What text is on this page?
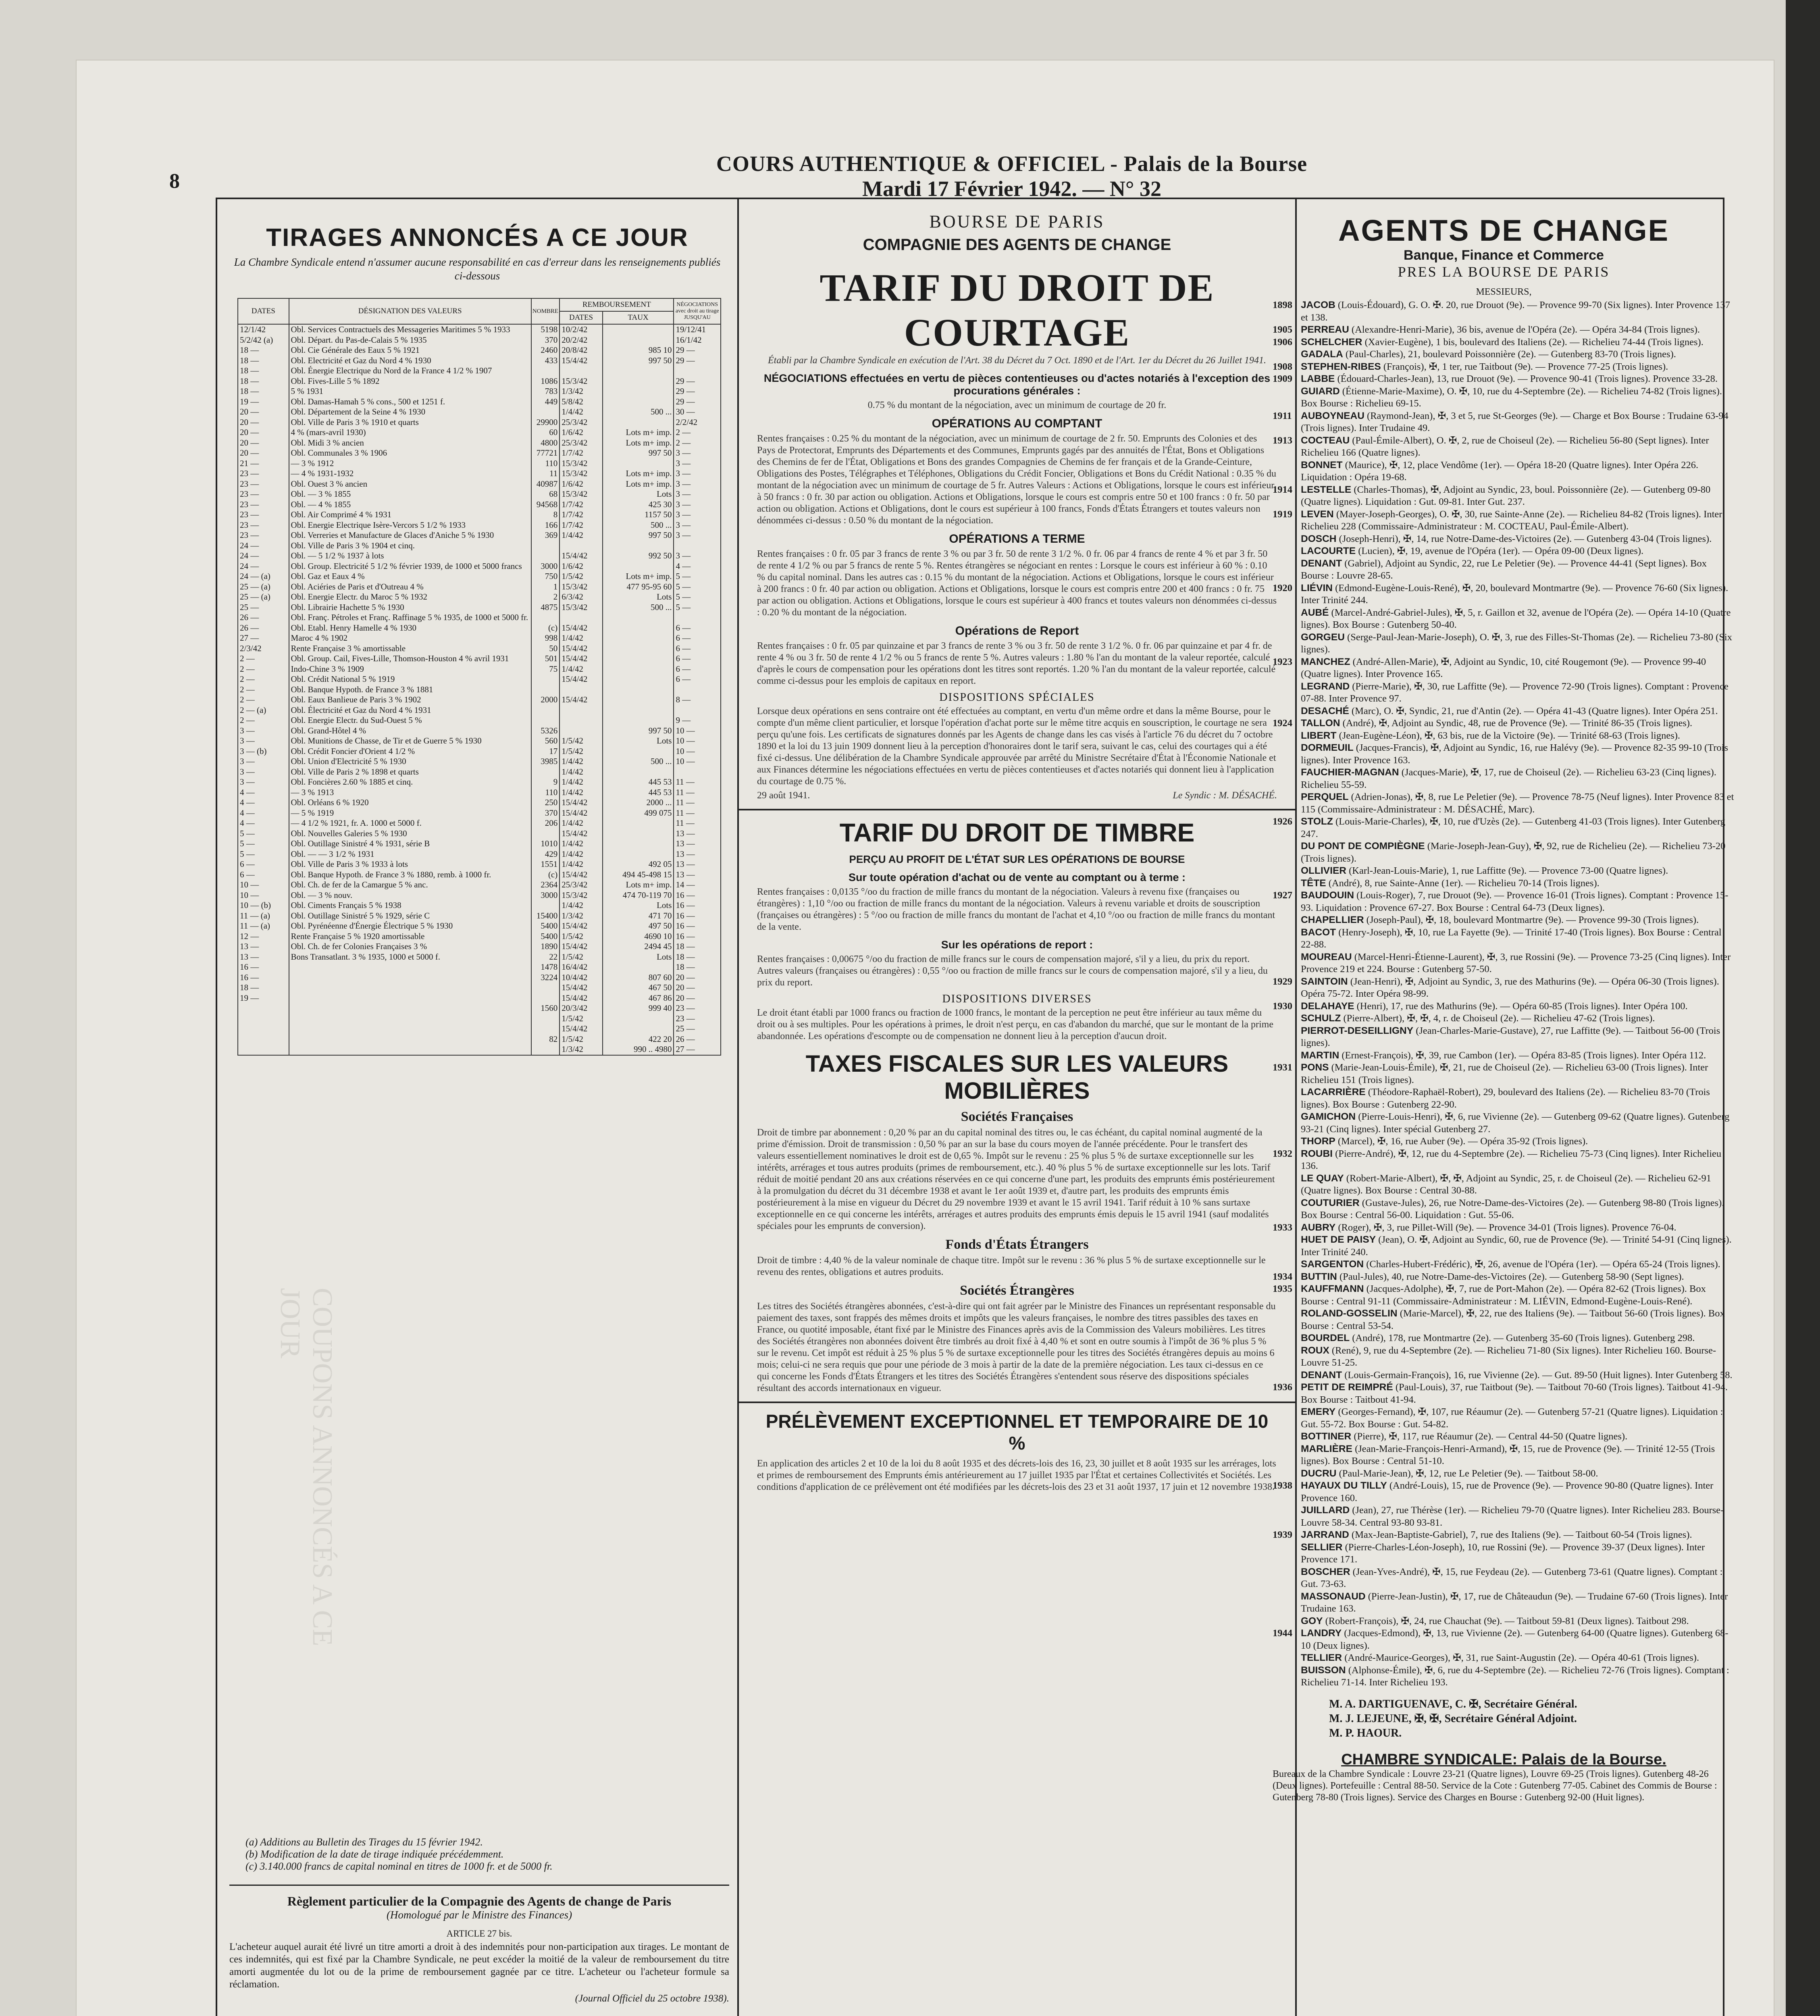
8
COURS AUTHENTIQUE & OFFICIEL - Palais de la Bourse
Mardi 17 Février 1942. — N° 32
TIRAGES ANNONCÉS A CE JOUR
La Chambre Syndicale entend n'assumer aucune responsabilité en cas d'erreur dans les renseignements publiés ci-dessous
DATES	DÉSIGNATION DES VALEURS	NOMBRE	REMBOURSEMENT		NÉGOCIATIONS avec droit au tirage JUSQU'AU
			DATES	TAUX	
12/1/42	Obl. Services Contractuels des Messageries Maritimes 5 % 1933	5198	10/2/42		19/12/41
5/2/42 (a)	Obl. Départ. du Pas-de-Calais 5 % 1935	370	20/2/42		16/1/42
18 —	Obl. Cie Générale des Eaux 5 % 1921	2460	20/8/42	985 10	29 —
18 —	Obl. Electricité et Gaz du Nord 4 % 1930	433	15/4/42	997 50	29 —
18 —	Obl. Énergie Electrique du Nord de la France 4 1/2 % 1907				
18 —	Obl. Fives-Lille 5 % 1892	1086	15/3/42		29 —
18 —	5 % 1931	783	1/3/42		29 —
19 —	Obl. Damas-Hamah 5 % cons., 500 et 1251 f.	449	5/8/42		29 —
20 —	Obl. Département de la Seine 4 % 1930		1/4/42	500 ...	30 —
20 —	Obl. Ville de Paris 3 % 1910 et quarts	29900	25/3/42		2/2/42
20 —	4 % (mars-avril 1930)	60	1/6/42	Lots m+ imp.	2 —
20 —	Obl. Midi 3 % ancien	4800	25/3/42	Lots m+ imp.	2 —
20 —	Obl. Communales 3 % 1906	77721	1/7/42	997 50	3 —
21 —	— 3 % 1912	110	15/3/42		3 —
23 —	— 4 % 1931-1932	11	15/3/42	Lots m+ imp.	3 —
23 —	Obl. Ouest 3 % ancien	40987	1/6/42	Lots m+ imp.	3 —
23 —	Obl. — 3 % 1855	68	15/3/42	Lots	3 —
23 —	Obl. — 4 % 1855	94568	1/7/42	425 30	3 —
23 —	Obl. Air Comprimé 4 % 1931	8	1/7/42	1157 50	3 —
23 —	Obl. Energie Electrique Isère-Vercors 5 1/2 % 1933	166	1/7/42	500 ...	3 —
23 —	Obl. Verreries et Manufacture de Glaces d'Aniche 5 % 1930	369	1/4/42	997 50	3 —
24 —	Obl. Ville de Paris 3 % 1904 et cinq.				
24 —	Obl. — 5 1/2 % 1937 à lots		15/4/42	992 50	3 —
24 —	Obl. Group. Electricité 5 1/2 % février 1939, de 1000 et 5000 francs	3000	1/6/42		4 —
24 — (a)	Obl. Gaz et Eaux 4 %	750	1/5/42	Lots m+ imp.	5 —
25 — (a)	Obl. Aciéries de Paris et d'Outreau 4 %	1	15/3/42	477 95-95 60	5 —
25 — (a)	Obl. Energie Electr. du Maroc 5 % 1932	2	6/3/42	Lots	5 —
25 —	Obl. Librairie Hachette 5 % 1930	4875	15/3/42	500 ...	5 —
26 —	Obl. Franç. Pétroles et Franç. Raffinage 5 % 1935, de 1000 et 5000 fr.				
26 —	Obl. Etabl. Henry Hamelle 4 % 1930	(c)	15/4/42		6 —
27 —	Maroc 4 % 1902	998	1/4/42		6 —
2/3/42	Rente Française 3 % amortissable	50	15/4/42		6 —
2 —	Obl. Group. Cail, Fives-Lille, Thomson-Houston 4 % avril 1931	501	15/4/42		6 —
2 —	Indo-Chine 3 % 1909	75	1/4/42		6 —
2 —	Obl. Crédit National 5 % 1919		15/4/42		6 —
2 —	Obl. Banque Hypoth. de France 3 % 1881				
2 —	Obl. Eaux Banlieue de Paris 3 % 1902	2000	15/4/42		8 —
2 — (a)	Obl. Électricité et Gaz du Nord 4 % 1931				
2 —	Obl. Energie Electr. du Sud-Ouest 5 %				9 —
3 —	Obl. Grand-Hôtel 4 %	5326		997 50	10 —
3 —	Obl. Munitions de Chasse, de Tir et de Guerre 5 % 1930	560	1/5/42	Lots	10 —
3 — (b)	Obl. Crédit Foncier d'Orient 4 1/2 %	17	1/5/42		10 —
3 —	Obl. Union d'Electricité 5 % 1930	3985	1/4/42	500 ...	10 —
3 —	Obl. Ville de Paris 2 % 1898 et quarts		1/4/42		
3 —	Obl. Foncières 2.60 % 1885 et cinq.	9	1/4/42	445 53	11 —
4 —	— 3 % 1913	110	1/4/42	445 53	11 —
4 —	Obl. Orléans 6 % 1920	250	15/4/42	2000 ...	11 —
4 —	— 5 % 1919	370	15/4/42	499 075	11 —
4 —	— 4 1/2 % 1921, fr. A. 1000 et 5000 f.	206	1/4/42		11 —
5 —	Obl. Nouvelles Galeries 5 % 1930		15/4/42		13 —
5 —	Obl. Outillage Sinistré 4 % 1931, série B	1010	1/4/42		13 —
5 —	Obl. — — 3 1/2 % 1931	429	1/4/42		13 —
6 —	Obl. Ville de Paris 3 % 1933 à lots	1551	1/4/42	492 05	13 —
6 —	Obl. Banque Hypoth. de France 3 % 1880, remb. à 1000 fr.	(c)	15/4/42	494 45-498 15	13 —
10 —	Obl. Ch. de fer de la Camargue 5 % anc.	2364	25/3/42	Lots m+ imp.	14 —
10 —	Obl. — 3 % nouv.	3000	15/3/42	474 70-119 70	16 —
10 — (b)	Obl. Ciments Français 5 % 1938		1/4/42	Lots	16 —
11 — (a)	Obl. Outillage Sinistré 5 % 1929, série C	15400	1/3/42	471 70	16 —
11 — (a)	Obl. Pyrénéenne d'Énergie Électrique 5 % 1930	5400	15/4/42	497 50	16 —
12 —	Rente Française 5 % 1920 amortissable	5400	1/5/42	4690 10	16 —
13 —	Obl. Ch. de fer Colonies Françaises 3 %	1890	15/4/42	2494 45	18 —
13 —	Bons Transatlant. 3 % 1935, 1000 et 5000 f.	22	1/5/42	Lots	18 —
16 —		1478	16/4/42		18 —
16 —		3224	10/4/42	807 60	20 —
18 —			15/4/42	467 50	20 —
19 —			15/4/42	467 86	20 —
		1560	20/3/42	999 40	23 —
			1/5/42		23 —
			15/4/42		25 —
		82	1/5/42	422 20	26 —
			1/3/42	990 .. 4980	27 —
COUPONS ANNONCÉS A CE JOUR
(a) Additions au Bulletin des Tirages du 15 février 1942.
(b) Modification de la date de tirage indiquée précédemment.
(c) 3.140.000 francs de capital nominal en titres de 1000 fr. et de 5000 fr.
Règlement particulier de la Compagnie des Agents de change de Paris
(Homologué par le Ministre des Finances)
ARTICLE 27 bis.
L'acheteur auquel aurait été livré un titre amorti a droit à des indemnités pour non-participation aux tirages. Le montant de ces indemnités, qui est fixé par la Chambre Syndicale, ne peut excéder la moitié de la valeur de remboursement du titre amorti augmentée du lot ou de la prime de remboursement gagnée par ce titre. L'acheteur ou l'acheteur formule sa réclamation.
(Journal Officiel du 25 octobre 1938).
BOURSE DE PARIS
COMPAGNIE DES AGENTS DE CHANGE
TARIF DU DROIT DE COURTAGE
Établi par la Chambre Syndicale en exécution de l'Art. 38 du Décret du 7 Oct. 1890 et de l'Art. 1er du Décret du 26 Juillet 1941.
NÉGOCIATIONS effectuées en vertu de pièces contentieuses ou d'actes notariés à l'exception des procurations générales :
0.75 % du montant de la négociation, avec un minimum de courtage de 20 fr.
OPÉRATIONS AU COMPTANT
Rentes françaises : 0.25 % du montant de la négociation, avec un minimum de courtage de 2 fr. 50. Emprunts des Colonies et des Pays de Protectorat, Emprunts des Départements et des Communes, Emprunts gagés par des annuités de l'État, Bons et Obligations des Chemins de fer de l'État, Obligations et Bons des grandes Compagnies de Chemins de fer français et de la Grande-Ceinture, Obligations des Postes, Télégraphes et Téléphones, Obligations du Crédit Foncier, Obligations et Bons du Crédit National : 0.35 % du montant de la négociation avec un minimum de courtage de 5 fr. Autres Valeurs : Actions et Obligations, lorsque le cours est inférieur à 50 francs : 0 fr. 30 par action ou obligation. Actions et Obligations, lorsque le cours est compris entre 50 et 100 francs : 0 fr. 50 par action ou obligation. Actions et Obligations, dont le cours est supérieur à 100 francs, Fonds d'États Étrangers et toutes valeurs non dénommées ci-dessus : 0.50 % du montant de la négociation.
OPÉRATIONS A TERME
Rentes françaises : 0 fr. 05 par 3 francs de rente 3 % ou par 3 fr. 50 de rente 3 1/2 %. 0 fr. 06 par 4 francs de rente 4 % et par 3 fr. 50 de rente 4 1/2 % ou par 5 francs de rente 5 %. Rentes étrangères se négociant en rentes : Lorsque le cours est inférieur à 60 % : 0.10 % du capital nominal. Dans les autres cas : 0.15 % du montant de la négociation. Actions et Obligations, lorsque le cours est inférieur à 200 francs : 0 fr. 40 par action ou obligation. Actions et Obligations, lorsque le cours est compris entre 200 et 400 francs : 0 fr. 75 par action ou obligation. Actions et Obligations, lorsque le cours est supérieur à 400 francs et toutes valeurs non dénommées ci-dessus : 0.20 % du montant de la négociation.
Opérations de Report
Rentes françaises : 0 fr. 05 par quinzaine et par 3 francs de rente 3 % ou 3 fr. 50 de rente 3 1/2 %. 0 fr. 06 par quinzaine et par 4 fr. de rente 4 % ou 3 fr. 50 de rente 4 1/2 % ou 5 francs de rente 5 %. Autres valeurs : 1.80 % l'an du montant de la valeur reportée, calculé d'après le cours de compensation pour les opérations dont les titres sont reportés. 1.20 % l'an du montant de la valeur reportée, calculé comme ci-dessus pour les emplois de capitaux en report.
DISPOSITIONS SPÉCIALES
Lorsque deux opérations en sens contraire ont été effectuées au comptant, en vertu d'un même ordre et dans la même Bourse, pour le compte d'un même client particulier, et lorsque l'opération d'achat porte sur le même titre acquis en souscription, le courtage ne sera perçu qu'une fois. Les certificats de signatures donnés par les Agents de change dans les cas visés à l'article 76 du décret du 7 octobre 1890 et la loi du 13 juin 1909 donnent lieu à la perception d'honoraires dont le tarif sera, suivant le cas, celui des courtages qui a été fixé ci-dessus. Une délibération de la Chambre Syndicale approuvée par arrêté du Ministre Secrétaire d'État à l'Économie Nationale et aux Finances détermine les négociations effectuées en vertu de pièces contentieuses et d'actes notariés qui donnent lieu à l'application du courtage de 0.75 %.
29 août 1941.	Le Syndic : M. DÉSACHÉ.
TARIF DU DROIT DE TIMBRE
PERÇU AU PROFIT DE L'ÉTAT SUR LES OPÉRATIONS DE BOURSE
Sur toute opération d'achat ou de vente au comptant ou à terme :
Rentes françaises : 0,0135 °/oo du fraction de mille francs du montant de la négociation. Valeurs à revenu fixe (françaises ou étrangères) : 1,10 °/oo ou fraction de mille francs du montant de la négociation. Valeurs à revenu variable et droits de souscription (françaises ou étrangères) : 5 °/oo ou fraction de mille francs du montant de l'achat et 4,10 °/oo ou fraction de mille francs du montant de la vente.
Sur les opérations de report :
Rentes françaises : 0,00675 °/oo du fraction de mille francs sur le cours de compensation majoré, s'il y a lieu, du prix du report. Autres valeurs (françaises ou étrangères) : 0,55 °/oo ou fraction de mille francs sur le cours de compensation majoré, s'il y a lieu, du prix du report.
DISPOSITIONS DIVERSES
Le droit étant établi par 1000 francs ou fraction de 1000 francs, le montant de la perception ne peut être inférieur au taux même du droit ou à ses multiples. Pour les opérations à primes, le droit n'est perçu, en cas d'abandon du marché, que sur le montant de la prime abandonnée. Les opérations d'escompte ou de compensation ne donnent lieu à la perception d'aucun droit.
TAXES FISCALES SUR LES VALEURS MOBILIÈRES
Sociétés Françaises
Droit de timbre par abonnement : 0,20 % par an du capital nominal des titres ou, le cas échéant, du capital nominal augmenté de la prime d'émission. Droit de transmission : 0,50 % par an sur la base du cours moyen de l'année précédente. Pour le transfert des valeurs essentiellement nominatives le droit est de 0,65 %. Impôt sur le revenu : 25 % plus 5 % de surtaxe exceptionnelle sur les intérêts, arrérages et tous autres produits (primes de remboursement, etc.). 40 % plus 5 % de surtaxe exceptionnelle sur les lots. Tarif réduit de moitié pendant 20 ans aux créations réservées en ce qui concerne d'une part, les produits des emprunts émis postérieurement à la promulgation du décret du 31 décembre 1938 et avant le 1er août 1939 et, d'autre part, les produits des emprunts émis postérieurement à la mise en vigueur du Décret du 29 novembre 1939 et avant le 15 avril 1941. Tarif réduit à 10 % sans surtaxe exceptionnelle en ce qui concerne les intérêts, arrérages et autres produits des emprunts émis depuis le 15 avril 1941 (sauf modalités spéciales pour les emprunts de conversion).
Fonds d'États Étrangers
Droit de timbre : 4,40 % de la valeur nominale de chaque titre. Impôt sur le revenu : 36 % plus 5 % de surtaxe exceptionnelle sur le revenu des rentes, obligations et autres produits.
Sociétés Étrangères
Les titres des Sociétés étrangères abonnées, c'est-à-dire qui ont fait agréer par le Ministre des Finances un représentant responsable du paiement des taxes, sont frappés des mêmes droits et impôts que les valeurs françaises, le nombre des titres passibles des taxes en France, ou quotité imposable, étant fixé par le Ministre des Finances après avis de la Commission des Valeurs mobilières. Les titres des Sociétés étrangères non abonnées doivent être timbrés au droit fixé à 4,40 % et sont en outre soumis à l'impôt de 36 % plus 5 % sur le revenu. Cet impôt est réduit à 25 % plus 5 % de surtaxe exceptionnelle pour les titres des Sociétés étrangères depuis au moins 6 mois; celui-ci ne sera requis que pour une période de 3 mois à partir de la date de la première négociation. Les taux ci-dessus en ce qui concerne les Fonds d'États Étrangers et les titres des Sociétés Étrangères s'entendent sous réserve des dispositions spéciales résultant des accords internationaux en vigueur.
PRÉLÈVEMENT EXCEPTIONNEL ET TEMPORAIRE DE 10 %
En application des articles 2 et 10 de la loi du 8 août 1935 et des décrets-lois des 16, 23, 30 juillet et 8 août 1935 sur les arrérages, lots et primes de remboursement des Emprunts émis antérieurement au 17 juillet 1935 par l'État et certaines Collectivités et Sociétés. Les conditions d'application de ce prélèvement ont été modifiées par les décrets-lois des 23 et 31 août 1937, 17 juin et 12 novembre 1938.
AGENTS DE CHANGE
Banque, Finance et Commerce
PRES LA BOURSE DE PARIS
MESSIEURS,
1898 JACOB (Louis-Édouard), G. O. ✠. 20, rue Drouot (9e). — Provence 99-70 (Six lignes). Inter Provence 137 et 138.
1905 PERREAU (Alexandre-Henri-Marie), 36 bis, avenue de l'Opéra (2e). — Opéra 34-84 (Trois lignes).
1906 SCHELCHER (Xavier-Eugène), 1 bis, boulevard des Italiens (2e). — Richelieu 74-44 (Trois lignes).
GADALA (Paul-Charles), 21, boulevard Poissonnière (2e). — Gutenberg 83-70 (Trois lignes).
1908 STEPHEN-RIBES (François), ✠, 1 ter, rue Taitbout (9e). — Provence 77-25 (Trois lignes).
1909 LABBE (Édouard-Charles-Jean), 13, rue Drouot (9e). — Provence 90-41 (Trois lignes). Provence 33-28.
GUIARD (Étienne-Marie-Maxime), O. ✠, 10, rue du 4-Septembre (2e). — Richelieu 74-82 (Trois lignes). Box Bourse : Richelieu 69-15.
1911 AUBOYNEAU (Raymond-Jean), ✠, 3 et 5, rue St-Georges (9e). — Charge et Box Bourse : Trudaine 63-94 (Trois lignes). Inter Trudaine 49.
1913 COCTEAU (Paul-Émile-Albert), O. ✠, 2, rue de Choiseul (2e). — Richelieu 56-80 (Sept lignes). Inter Richelieu 166 (Quatre lignes).
BONNET (Maurice), ✠, 12, place Vendôme (1er). — Opéra 18-20 (Quatre lignes). Inter Opéra 226. Liquidation : Opéra 19-68.
1914 LESTELLE (Charles-Thomas), ✠, Adjoint au Syndic, 23, boul. Poissonnière (2e). — Gutenberg 09-80 (Quatre lignes). Liquidation : Gut. 09-81. Inter Gut. 237.
1919 LEVEN (Mayer-Joseph-Georges), O. ✠, 30, rue Sainte-Anne (2e). — Richelieu 84-82 (Trois lignes). Inter Richelieu 228 (Commissaire-Administrateur : M. COCTEAU, Paul-Émile-Albert).
DOSCH (Joseph-Henri), ✠, 14, rue Notre-Dame-des-Victoires (2e). — Gutenberg 43-04 (Trois lignes).
LACOURTE (Lucien), ✠, 19, avenue de l'Opéra (1er). — Opéra 09-00 (Deux lignes).
DENANT (Gabriel), Adjoint au Syndic, 22, rue Le Peletier (9e). — Provence 44-41 (Sept lignes). Box Bourse : Louvre 28-65.
1920 LIÉVIN (Edmond-Eugène-Louis-René), ✠, 20, boulevard Montmartre (9e). — Provence 76-60 (Six lignes). Inter Trinité 244.
AUBÉ (Marcel-André-Gabriel-Jules), ✠, 5, r. Gaillon et 32, avenue de l'Opéra (2e). — Opéra 14-10 (Quatre lignes). Box Bourse : Gutenberg 50-40.
GORGEU (Serge-Paul-Jean-Marie-Joseph), O. ✠, 3, rue des Filles-St-Thomas (2e). — Richelieu 73-80 (Six lignes).
1923 MANCHEZ (André-Allen-Marie), ✠, Adjoint au Syndic, 10, cité Rougemont (9e). — Provence 99-40 (Quatre lignes). Inter Provence 165.
LEGRAND (Pierre-Marie), ✠, 30, rue Laffitte (9e). — Provence 72-90 (Trois lignes). Comptant : Provence 07-88. Inter Provence 97.
DESACHÉ (Marc), O. ✠, Syndic, 21, rue d'Antin (2e). — Opéra 41-43 (Quatre lignes). Inter Opéra 251.
1924 TALLON (André), ✠, Adjoint au Syndic, 48, rue de Provence (9e). — Trinité 86-35 (Trois lignes).
LIBERT (Jean-Eugène-Léon), ✠, 63 bis, rue de la Victoire (9e). — Trinité 68-63 (Trois lignes).
DORMEUIL (Jacques-Francis), ✠, Adjoint au Syndic, 16, rue Halévy (9e). — Provence 82-35 99-10 (Trois lignes). Inter Provence 163.
FAUCHIER-MAGNAN (Jacques-Marie), ✠, 17, rue de Choiseul (2e). — Richelieu 63-23 (Cinq lignes). Richelieu 55-59.
PERQUEL (Adrien-Jonas), ✠, 8, rue Le Peletier (9e). — Provence 78-75 (Neuf lignes). Inter Provence 83 et 115 (Commissaire-Administrateur : M. DÉSACHÉ, Marc).
1926 STOLZ (Louis-Marie-Charles), ✠, 10, rue d'Uzès (2e). — Gutenberg 41-03 (Trois lignes). Inter Gutenberg 247.
DU PONT DE COMPIÈGNE (Marie-Joseph-Jean-Guy), ✠, 92, rue de Richelieu (2e). — Richelieu 73-20 (Trois lignes).
OLLIVIER (Karl-Jean-Louis-Marie), 1, rue Laffitte (9e). — Provence 73-00 (Quatre lignes).
TÊTE (André), 8, rue Sainte-Anne (1er). — Richelieu 70-14 (Trois lignes).
1927 BAUDOUIN (Louis-Roger), 7, rue Drouot (9e). — Provence 16-01 (Trois lignes). Comptant : Provence 15-93. Liquidation : Provence 67-27. Box Bourse : Central 64-73 (Deux lignes).
CHAPELLIER (Joseph-Paul), ✠, 18, boulevard Montmartre (9e). — Provence 99-30 (Trois lignes).
BACOT (Henry-Joseph), ✠, 10, rue La Fayette (9e). — Trinité 17-40 (Trois lignes). Box Bourse : Central 22-88.
MOUREAU (Marcel-Henri-Étienne-Laurent), ✠, 3, rue Rossini (9e). — Provence 73-25 (Cinq lignes). Inter Provence 219 et 224. Bourse : Gutenberg 57-50.
1929 SAINTOIN (Jean-Henri), ✠, Adjoint au Syndic, 3, rue des Mathurins (9e). — Opéra 06-30 (Trois lignes). Opéra 75-72. Inter Opéra 98-99.
1930 DELAHAYE (Henri), 17, rue des Mathurins (9e). — Opéra 60-85 (Trois lignes). Inter Opéra 100.
SCHULZ (Pierre-Albert), ✠, ✠, 4, r. de Choiseul (2e). — Richelieu 47-62 (Trois lignes).
PIERROT-DESEILLIGNY (Jean-Charles-Marie-Gustave), 27, rue Laffitte (9e). — Taitbout 56-00 (Trois lignes).
MARTIN (Ernest-François), ✠, 39, rue Cambon (1er). — Opéra 83-85 (Trois lignes). Inter Opéra 112.
1931 PONS (Marie-Jean-Louis-Émile), ✠, 21, rue de Choiseul (2e). — Richelieu 63-00 (Trois lignes). Inter Richelieu 151 (Trois lignes).
LACARRIÈRE (Théodore-Raphaël-Robert), 29, boulevard des Italiens (2e). — Richelieu 83-70 (Trois lignes). Box Bourse : Gutenberg 22-90.
GAMICHON (Pierre-Louis-Henri), ✠, 6, rue Vivienne (2e). — Gutenberg 09-62 (Quatre lignes). Gutenberg 93-21 (Cinq lignes). Inter spécial Gutenberg 27.
THORP (Marcel), ✠, 16, rue Auber (9e). — Opéra 35-92 (Trois lignes).
1932 ROUBI (Pierre-André), ✠, 12, rue du 4-Septembre (2e). — Richelieu 75-73 (Cinq lignes). Inter Richelieu 136.
LE QUAY (Robert-Marie-Albert), ✠, ✠, Adjoint au Syndic, 25, r. de Choiseul (2e). — Richelieu 62-91 (Quatre lignes). Box Bourse : Central 30-88.
COUTURIER (Gustave-Jules), 26, rue Notre-Dame-des-Victoires (2e). — Gutenberg 98-80 (Trois lignes). Box Bourse : Central 56-00. Liquidation : Gut. 55-06.
1933 AUBRY (Roger), ✠, 3, rue Pillet-Will (9e). — Provence 34-01 (Trois lignes). Provence 76-04.
HUET DE PAISY (Jean), O. ✠, Adjoint au Syndic, 60, rue de Provence (9e). — Trinité 54-91 (Cinq lignes). Inter Trinité 240.
SARGENTON (Charles-Hubert-Frédéric), ✠, 26, avenue de l'Opéra (1er). — Opéra 65-24 (Trois lignes).
1934 BUTTIN (Paul-Jules), 40, rue Notre-Dame-des-Victoires (2e). — Gutenberg 58-90 (Sept lignes).
1935 KAUFFMANN (Jacques-Adolphe), ✠, 7, rue de Port-Mahon (2e). — Opéra 82-62 (Trois lignes). Box Bourse : Central 91-11 (Commissaire-Administrateur : M. LIÉVIN, Edmond-Eugène-Louis-René).
ROLAND-GOSSELIN (Marie-Marcel), ✠, 22, rue des Italiens (9e). — Taitbout 56-60 (Trois lignes). Box Bourse : Central 53-54.
BOURDEL (André), 178, rue Montmartre (2e). — Gutenberg 35-60 (Trois lignes). Gutenberg 298.
ROUX (René), 9, rue du 4-Septembre (2e). — Richelieu 71-80 (Six lignes). Inter Richelieu 160. Bourse-Louvre 51-25.
DENANT (Louis-Germain-François), 16, rue Vivienne (2e). — Gut. 89-50 (Huit lignes). Inter Gutenberg 58.
1936 PETIT DE REIMPRÉ (Paul-Louis), 37, rue Taitbout (9e). — Taitbout 70-60 (Trois lignes). Taitbout 41-94. Box Bourse : Taitbout 41-94.
EMERY (Georges-Fernand), ✠, 107, rue Réaumur (2e). — Gutenberg 57-21 (Quatre lignes). Liquidation : Gut. 55-72. Box Bourse : Gut. 54-82.
BOTTINER (Pierre), ✠, 117, rue Réaumur (2e). — Central 44-50 (Quatre lignes).
MARLIÈRE (Jean-Marie-François-Henri-Armand), ✠, 15, rue de Provence (9e). — Trinité 12-55 (Trois lignes). Box Bourse : Central 51-10.
DUCRU (Paul-Marie-Jean), ✠, 12, rue Le Peletier (9e). — Taitbout 58-00.
1938 HAYAUX DU TILLY (André-Louis), 15, rue de Provence (9e). — Provence 90-80 (Quatre lignes). Inter Provence 160.
JUILLARD (Jean), 27, rue Thérèse (1er). — Richelieu 79-70 (Quatre lignes). Inter Richelieu 283. Bourse-Louvre 58-34. Central 93-80 93-81.
1939 JARRAND (Max-Jean-Baptiste-Gabriel), 7, rue des Italiens (9e). — Taitbout 60-54 (Trois lignes).
SELLIER (Pierre-Charles-Léon-Joseph), 10, rue Rossini (9e). — Provence 39-37 (Deux lignes). Inter Provence 171.
BOSCHER (Jean-Yves-André), ✠, 15, rue Feydeau (2e). — Gutenberg 73-61 (Quatre lignes). Comptant : Gut. 73-63.
MASSONAUD (Pierre-Jean-Justin), ✠, 17, rue de Châteaudun (9e). — Trudaine 67-60 (Trois lignes). Inter Trudaine 163.
GOY (Robert-François), ✠, 24, rue Chauchat (9e). — Taitbout 59-81 (Deux lignes). Taitbout 298.
1944 LANDRY (Jacques-Edmond), ✠, 13, rue Vivienne (2e). — Gutenberg 64-00 (Quatre lignes). Gutenberg 68-10 (Deux lignes).
TELLIER (André-Maurice-Georges), ✠, 31, rue Saint-Augustin (2e). — Opéra 40-61 (Trois lignes).
BUISSON (Alphonse-Émile), ✠, 6, rue du 4-Septembre (2e). — Richelieu 72-76 (Trois lignes). Comptant : Richelieu 71-14. Inter Richelieu 193.
M. A. DARTIGUENAVE, C. ✠, Secrétaire Général.
M. J. LEJEUNE, ✠, ✠, Secrétaire Général Adjoint.
M. P. HAOUR.
CHAMBRE SYNDICALE: Palais de la Bourse.
Bureaux de la Chambre Syndicale : Louvre 23-21 (Quatre lignes), Louvre 69-25 (Trois lignes). Gutenberg 48-26 (Deux lignes). Portefeuille : Central 88-50. Service de la Cote : Gutenberg 77-05. Cabinet des Commis de Bourse : Gutenberg 78-80 (Trois lignes). Service des Charges en Bourse : Gutenberg 92-00 (Huit lignes).
